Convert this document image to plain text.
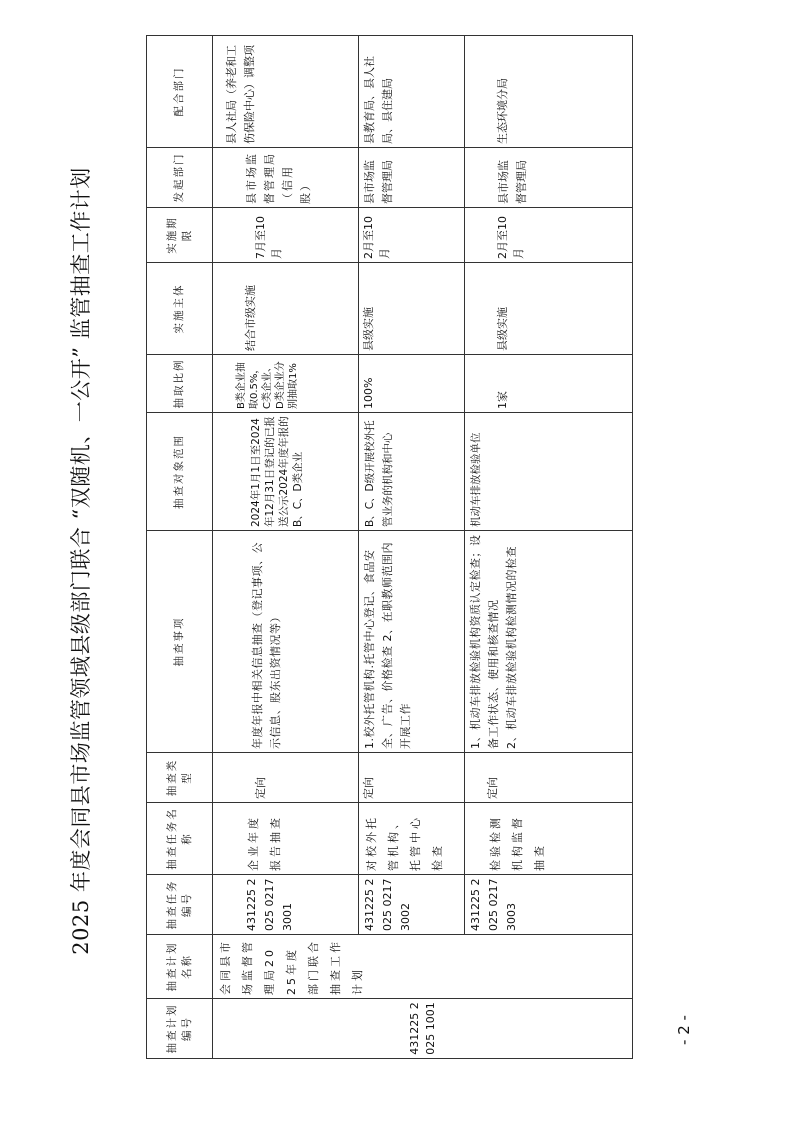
2025 年度会同县市场监管领域县级部门联合 “双随机、一公开” 监管抽查工作计划
抽查计划编号	抽查计划名称	抽查任务编号	抽查任务名称	抽查类型	抽查事项	抽查对象范围	抽取比例	实施主体	实施期限	发起部门	配合部门
431225 2025 1001	会同县市场监督管理局2025年度部门联合抽查工作计划	431225 2025 0217 3001	企业年度报告抽查	定向	年度年报中相关信息抽查（登记事项、公示信息、股东出资情况等）	2024年1月1日至2024年12月31日登记的已报送公示2024年度年报的B、C、D类企业	B类企业抽取0.5%，C类企业、D类企业分别抽取1%	结合市级实施	7月至10月	县市场监督管理局（信用股）	县人社局（养老和工伤保险中心）调整项
		431225 2025 0217 3002	对校外托管机构、托管中心检查	定向	1.校外托管机构.托管中心登记、食品安全、广告、价格检查 2、在职教师范围内开展工作	B、C、D级开展校外托管业务的机构和中心	100%	县级实施	2月至10月	县市场监督管理局	县教育局、县人社局、县住建局
		431225 2025 0217 3003	检验检测机构监督抽查	定向	1、机动车排放检验机构资质认定检查；设备工作状态、使用和核查情况 2、机动车排放检验机构检测情况的检查	机动车排放检验单位	1家	县级实施	2月至10月	县市场监督管理局	生态环境分局
- 2 -
